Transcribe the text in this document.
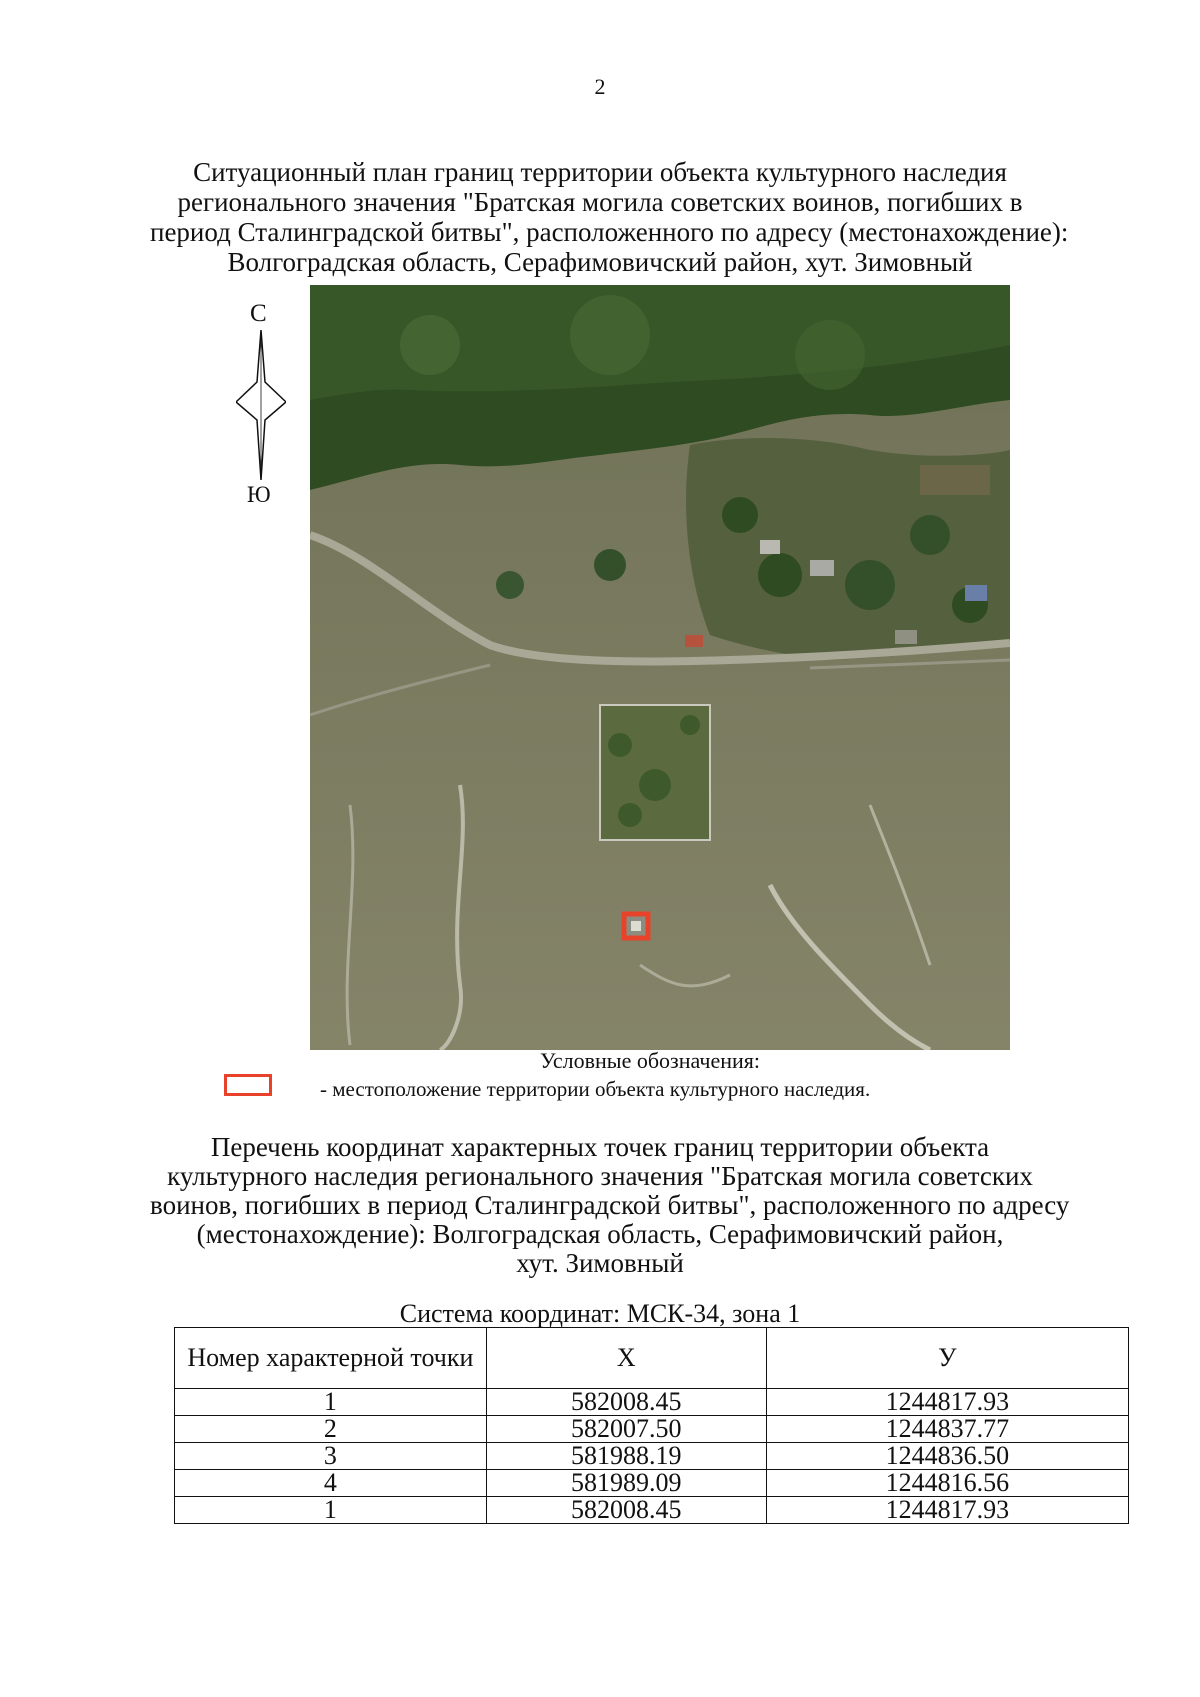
2
Ситуационный план границ территории объекта культурного наследия
регионального значения "Братская могила советских воинов, погибших в
период Сталинградской битвы", расположенного по адресу (местонахождение):
Волгоградская область, Серафимовичский район, хут. Зимовный
С
Ю
Условные обозначения:
- местоположение территории объекта культурного наследия.
Перечень координат характерных точек границ территории объекта
культурного наследия регионального значения "Братская могила советских
воинов, погибших в период Сталинградской битвы", расположенного по адресу
(местонахождение): Волгоградская область, Серафимовичский район,
хут. Зимовный
Система координат: МСК-34, зона 1
Номер характерной точки	Х	У
1	582008.45	1244817.93
2	582007.50	1244837.77
3	581988.19	1244836.50
4	581989.09	1244816.56
1	582008.45	1244817.93
